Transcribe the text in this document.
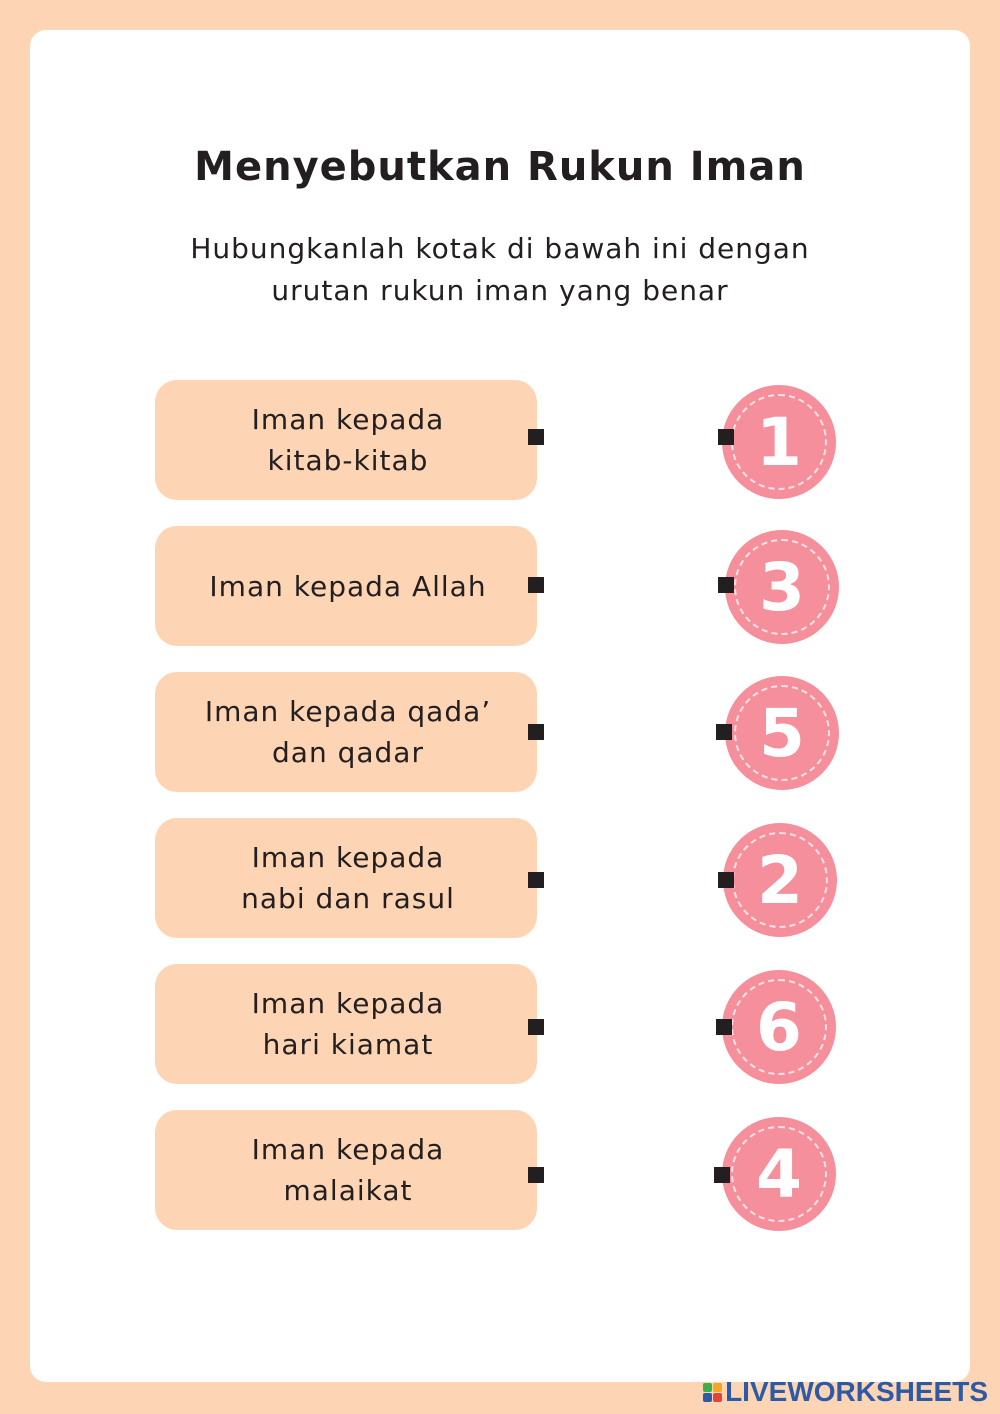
Menyebutkan Rukun Iman
Hubungkanlah kotak di bawah ini dengan
urutan rukun iman yang benar
Iman kepada
kitab-kitab
Iman kepada Allah
Iman kepada qada’
dan qadar
Iman kepada
nabi dan rasul
Iman kepada
hari kiamat
Iman kepada
malaikat
1
3
5
2
6
4
LIVEWORKSHEETS
